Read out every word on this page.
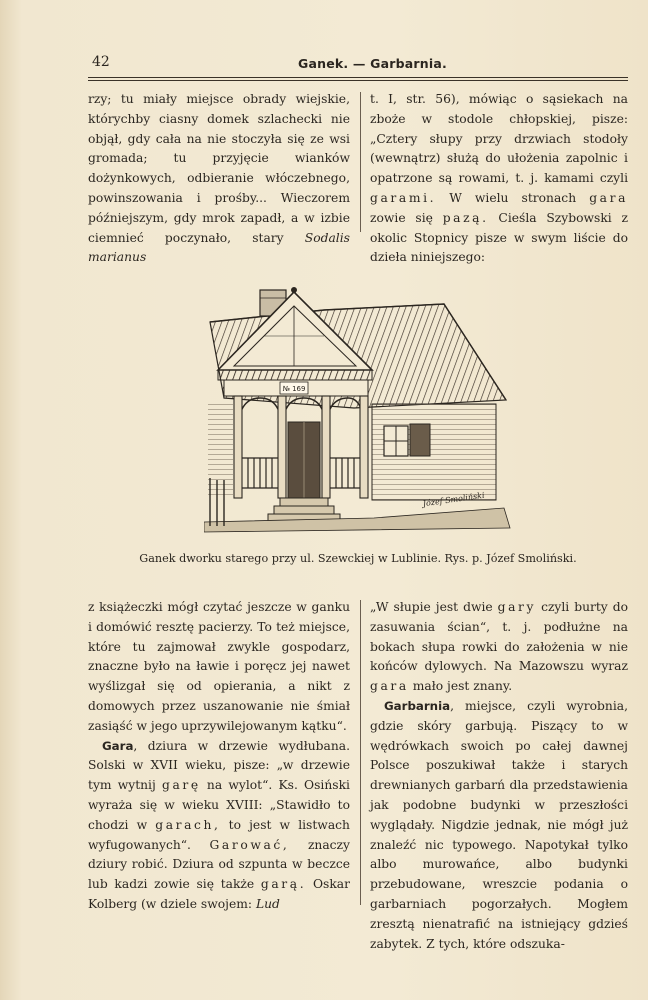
42	Ganek. — Garbarnia.

rzy; tu miały miejsce obrady wiejskie, którychby ciasny domek szlachecki nie objął, gdy cała na nie stoczyła się ze wsi gromada; tu przyjęcie wianków dożynkowych, odbieranie włóczebnego, powinszowania i prośby... Wieczorem późniejszym, gdy mrok zapadł, a w izbie ciemnieć poczynało, stary Sodalis marianus

t. I, str. 56), mówiąc o sąsiekach na zboże w stodole chłopskiej, pisze: „Cztery słupy przy drzwiach stodoły (wewnątrz) służą do ułożenia zapolnic i opatrzone są rowami, t. j. kamami czyli garami. W wielu stronach gara zowie się pazą. Cieśla Szybowski z okolic Stopnicy pisze w swym liście do dzieła niniejszego:

№ 169
Józef Smoliński
Ganek dworku starego przy ul. Szewckiej w Lublinie. Rys. p. Józef Smoliński.

z książeczki mógł czytać jeszcze w ganku i domówić resztę pacierzy. To też miejsce, które tu zajmował zwykle gospodarz, znaczne było na ławie i poręcz jej nawet wyślizgał się od opierania, a nikt z domowych przez uszanowanie nie śmiał zasiąść w jego uprzywilejowanym kątku“.

Gara, dziura w drzewie wydłubana. Solski w XVII wieku, pisze: „w drzewie tym wytnij garę na wylot“. Ks. Osiński wyraża się w wieku XVIII: „Stawidło to chodzi w garach, to jest w listwach wyfugowanych“. Garować, znaczy dziury robić. Dziura od szpunta w beczce lub kadzi zowie się także garą. Oskar Kolberg (w dziele swojem: Lud

„W słupie jest dwie gary czyli burty do zasuwania ścian“, t. j. podłużne na bokach słupa rowki do założenia w nie końców dylowych. Na Mazowszu wyraz gara mało jest znany.

Garbarnia, miejsce, czyli wyrobnia, gdzie skóry garbują. Piszący to w wędrówkach swoich po całej dawnej Polsce poszukiwał także i starych drewnianych garbarń dla przedstawienia jak podobne budynki w przeszłości wyglądały. Nigdzie jednak, nie mógł już znaleźć nic typowego. Napotykał tylko albo murowańce, albo budynki przebudowane, wreszcie podania o garbarniach pogorzałych. Mogłem zresztą nienatrafić na istniejący gdzieś zabytek. Z tych, które odszuka-
